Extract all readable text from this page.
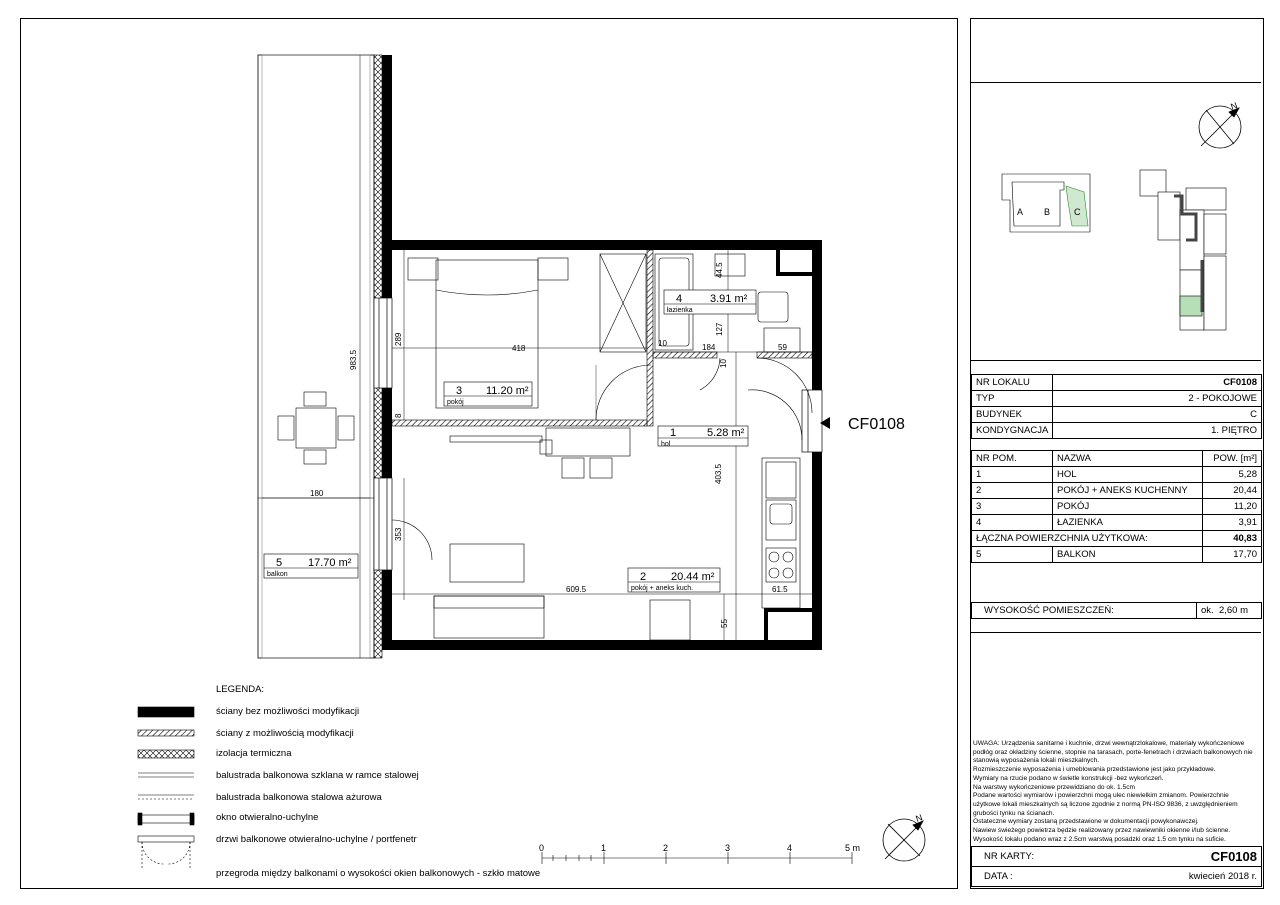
N
N
3 11.20 m²
pokój
4	3.91 m²
łazienka
1	5.28 m²
hol
2 20.44 m²
pokój + aneks kuch.
5 17.70 m²
balkon
983.5
418
289
8
180
353
44.5
127
184
10
10
59
403.5
609.5	61.5
55
0	1	2	3	4	5 m
A B	C
CF0108
LEGENDA:
ściany bez możliwości modyfikacji
ściany z możliwością modyfikacji
izolacja termiczna
balustrada balkonowa szklana w ramce stalowej
balustrada balkonowa stalowa ażurowa
okno otwieralno-uchylne
drzwi balkonowe otwieralno-uchylne / portfenetr
przegroda między balkonami o wysokości okien balkonowych - szkło matowe
NR LOKALU	CF0108
TYP	2 - POKOJOWE
BUDYNEK	C
KONDYGNACJA	1. PIĘTRO
NR POM.	NAZWA	POW. [m²]
1	HOL	5,28
2	POKÓJ + ANEKS KUCHENNY	20,44
3	POKÓJ	11,20
4	ŁAZIENKA	3,91
ŁĄCZNA POWIERZCHNIA UŻYTKOWA:		40,83
5	BALKON	17,70
WYSOKOŚĆ POMIESZCZEŃ:	ok. 2,60 m
UWAGA: Urządzenia sanitarne i kuchnie, drzwi wewnątrzlokalowe, materiały wykończeniowe podłóg oraz okładziny ścienne, stopnie na tarasach, porte-fenetrach i drzwiach balkonowych nie stanowią wyposażenia lokali mieszkalnych.
Rozmieszczenie wyposażenia i umeblowania przedstawione jest jako przykładowe.
Wymiary na rzucie podano w świetle konstrukcji -bez wykończeń.
Na warstwy wykończeniowe przewidziano do ok. 1.5cm
Podane wartości wymiarów i powierzchni mogą ulec niewielkim zmianom. Powierzchnie użytkowe lokali mieszkalnych są liczone zgodnie z normą PN-ISO 9836, z uwzględnieniem grubości tynku na ścianach.
Ostateczne wymiary zostaną przedstawione w dokumentacji powykonawczej.
Nawiew świeżego powietrza będzie realizowany przez nawiewniki okienne i/lub ścienne.
Wysokość lokalu podano wraz z 2.5cm warstwą posadzki oraz 1.5 cm tynku na suficie.
NR KARTY:	CF0108
DATA :	kwiecień 2018 r.
